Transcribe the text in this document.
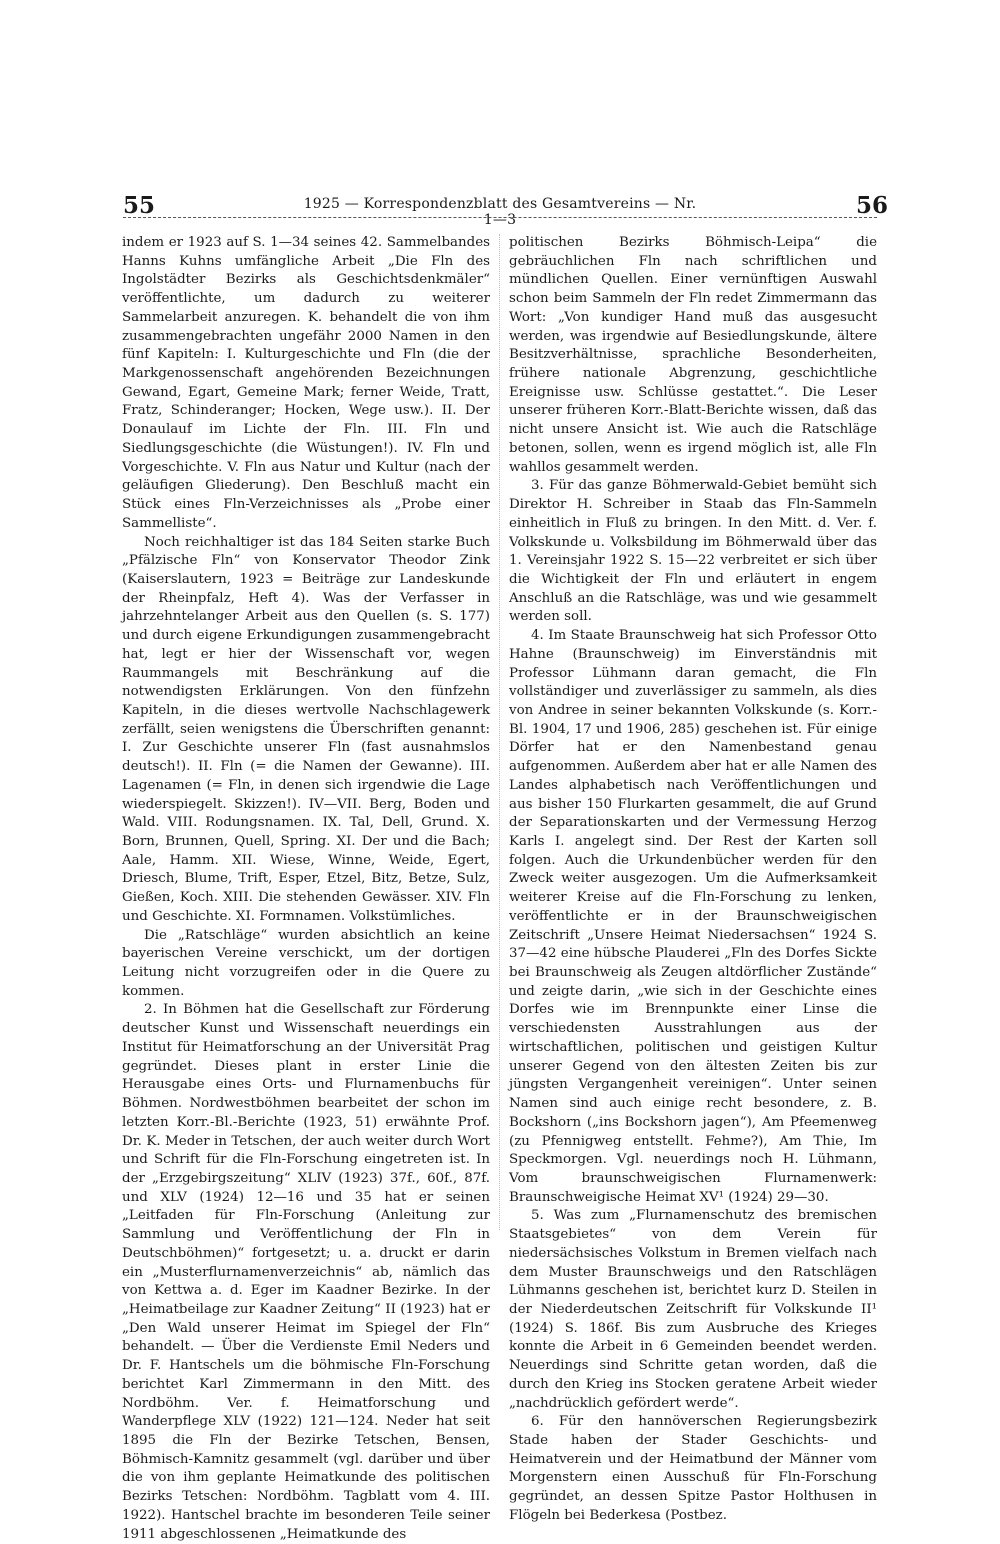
55	1925 — Korrespondenzblatt des Gesamtvereins — Nr. 1—3
56

indem er 1923 auf S. 1—34 seines 42. Sammelbandes Hanns Kuhns umfängliche Arbeit „Die Fln des Ingolstädter Bezirks als Geschichtsdenkmäler“ veröffentlichte, um dadurch zu weiterer Sammelarbeit anzuregen. K. behandelt die von ihm zusammengebrachten ungefähr 2000 Namen in den fünf Kapiteln: I. Kulturgeschichte und Fln (die der Markgenossenschaft angehörenden Bezeichnungen Gewand, Egart, Gemeine Mark; ferner Weide, Tratt, Fratz, Schinderanger; Hocken, Wege usw.). II. Der Donaulauf im Lichte der Fln. III. Fln und Siedlungsgeschichte (die Wüstungen!). IV. Fln und Vorgeschichte. V. Fln aus Natur und Kultur (nach der geläufigen Gliederung). Den Beschluß macht ein Stück eines Fln-Verzeichnisses als „Probe einer Sammelliste“.

Noch reichhaltiger ist das 184 Seiten starke Buch „Pfälzische Fln“ von Konservator Theodor Zink (Kaiserslautern, 1923 = Beiträge zur Landeskunde der Rheinpfalz, Heft 4). Was der Verfasser in jahrzehntelanger Arbeit aus den Quellen (s. S. 177) und durch eigene Erkundigungen zusammengebracht hat, legt er hier der Wissenschaft vor, wegen Raummangels mit Beschränkung auf die notwendigsten Erklärungen. Von den fünfzehn Kapiteln, in die dieses wertvolle Nachschlagewerk zerfällt, seien wenigstens die Überschriften genannt: I. Zur Geschichte unserer Fln (fast ausnahmslos deutsch!). II. Fln (= die Namen der Gewanne). III. Lagenamen (= Fln, in denen sich irgendwie die Lage wiederspiegelt. Skizzen!). IV—VII. Berg, Boden und Wald. VIII. Rodungsnamen. IX. Tal, Dell, Grund. X. Born, Brunnen, Quell, Spring. XI. Der und die Bach; Aale, Hamm. XII. Wiese, Winne, Weide, Egert, Driesch, Blume, Trift, Esper, Etzel, Bitz, Betze, Sulz, Gießen, Koch. XIII. Die stehenden Gewässer. XIV. Fln und Geschichte. XI. Formnamen. Volkstümliches.

Die „Ratschläge“ wurden absichtlich an keine bayerischen Vereine verschickt, um der dortigen Leitung nicht vorzugreifen oder in die Quere zu kommen.

2. In Böhmen hat die Gesellschaft zur Förderung deutscher Kunst und Wissenschaft neuerdings ein Institut für Heimatforschung an der Universität Prag gegründet. Dieses plant in erster Linie die Herausgabe eines Orts- und Flurnamenbuchs für Böhmen. Nordwestböhmen bearbeitet der schon im letzten Korr.-Bl.-Berichte (1923, 51) erwähnte Prof. Dr. K. Meder in Tetschen, der auch weiter durch Wort und Schrift für die Fln-Forschung eingetreten ist. In der „Erzgebirgszeitung“ XLIV (1923) 37f., 60f., 87f. und XLV (1924) 12—16 und 35 hat er seinen „Leitfaden für Fln-Forschung (Anleitung zur Sammlung und Veröffentlichung der Fln in Deutschböhmen)“ fortgesetzt; u. a. druckt er darin ein „Musterflurnamenverzeichnis“ ab, nämlich das von Kettwa a. d. Eger im Kaadner Bezirke. In der „Heimatbeilage zur Kaadner Zeitung“ II (1923) hat er „Den Wald unserer Heimat im Spiegel der Fln“ behandelt. — Über die Verdienste Emil Neders und Dr. F. Hantschels um die böhmische Fln-Forschung berichtet Karl Zimmermann in den Mitt. des Nordböhm. Ver. f. Heimatforschung und Wanderpflege XLV (1922) 121—124. Neder hat seit 1895 die Fln der Bezirke Tetschen, Bensen, Böhmisch-Kamnitz gesammelt (vgl. darüber und über die von ihm geplante Heimatkunde des politischen Bezirks Tetschen: Nordböhm. Tagblatt vom 4. III. 1922). Hantschel brachte im besonderen Teile seiner 1911 abgeschlossenen „Heimatkunde des

politischen Bezirks Böhmisch-Leipa“ die gebräuchlichen Fln nach schriftlichen und mündlichen Quellen. Einer vernünftigen Auswahl schon beim Sammeln der Fln redet Zimmermann das Wort: „Von kundiger Hand muß das ausgesucht werden, was irgendwie auf Besiedlungskunde, ältere Besitzverhältnisse, sprachliche Besonderheiten, frühere nationale Abgrenzung, geschichtliche Ereignisse usw. Schlüsse gestattet.“. Die Leser unserer früheren Korr.-Blatt-Berichte wissen, daß das nicht unsere Ansicht ist. Wie auch die Ratschläge betonen, sollen, wenn es irgend möglich ist, alle Fln wahllos gesammelt werden.

3. Für das ganze Böhmerwald-Gebiet bemüht sich Direktor H. Schreiber in Staab das Fln-Sammeln einheitlich in Fluß zu bringen. In den Mitt. d. Ver. f. Volkskunde u. Volksbildung im Böhmerwald über das 1. Vereinsjahr 1922 S. 15—22 verbreitet er sich über die Wichtigkeit der Fln und erläutert in engem Anschluß an die Ratschläge, was und wie gesammelt werden soll.

4. Im Staate Braunschweig hat sich Professor Otto Hahne (Braunschweig) im Einverständnis mit Professor Lühmann daran gemacht, die Fln vollständiger und zuverlässiger zu sammeln, als dies von Andree in seiner bekannten Volkskunde (s. Korr.-Bl. 1904, 17 und 1906, 285) geschehen ist. Für einige Dörfer hat er den Namenbestand genau aufgenommen. Außerdem aber hat er alle Namen des Landes alphabetisch nach Veröffentlichungen und aus bisher 150 Flurkarten gesammelt, die auf Grund der Separationskarten und der Vermessung Herzog Karls I. angelegt sind. Der Rest der Karten soll folgen. Auch die Urkundenbücher werden für den Zweck weiter ausgezogen. Um die Aufmerksamkeit weiterer Kreise auf die Fln-Forschung zu lenken, veröffentlichte er in der Braunschweigischen Zeitschrift „Unsere Heimat Niedersachsen“ 1924 S. 37—42 eine hübsche Plauderei „Fln des Dorfes Sickte bei Braunschweig als Zeugen altdörflicher Zustände“ und zeigte darin, „wie sich in der Geschichte eines Dorfes wie im Brennpunkte einer Linse die verschiedensten Ausstrahlungen aus der wirtschaftlichen, politischen und geistigen Kultur unserer Gegend von den ältesten Zeiten bis zur jüngsten Vergangenheit vereinigen“. Unter seinen Namen sind auch einige recht besondere, z. B. Bockshorn („ins Bockshorn jagen“), Am Pfeemenweg (zu Pfennigweg entstellt. Fehme?), Am Thie, Im Speckmorgen. Vgl. neuerdings noch H. Lühmann, Vom braunschweigischen Flurnamenwerk: Braunschweigische Heimat XV¹ (1924) 29—30.

5. Was zum „Flurnamenschutz des bremischen Staatsgebietes“ von dem Verein für niedersächsisches Volkstum in Bremen vielfach nach dem Muster Braunschweigs und den Ratschlägen Lühmanns geschehen ist, berichtet kurz D. Steilen in der Niederdeutschen Zeitschrift für Volkskunde II¹ (1924) S. 186f. Bis zum Ausbruche des Krieges konnte die Arbeit in 6 Gemeinden beendet werden. Neuerdings sind Schritte getan worden, daß die durch den Krieg ins Stocken geratene Arbeit wieder „nachdrücklich gefördert werde“.

6. Für den hannöverschen Regierungsbezirk Stade haben der Stader Geschichts- und Heimatverein und der Heimatbund der Männer vom Morgenstern einen Ausschuß für Fln-Forschung gegründet, an dessen Spitze Pastor Holthusen in Flögeln bei Bederkesa (Postbez.
